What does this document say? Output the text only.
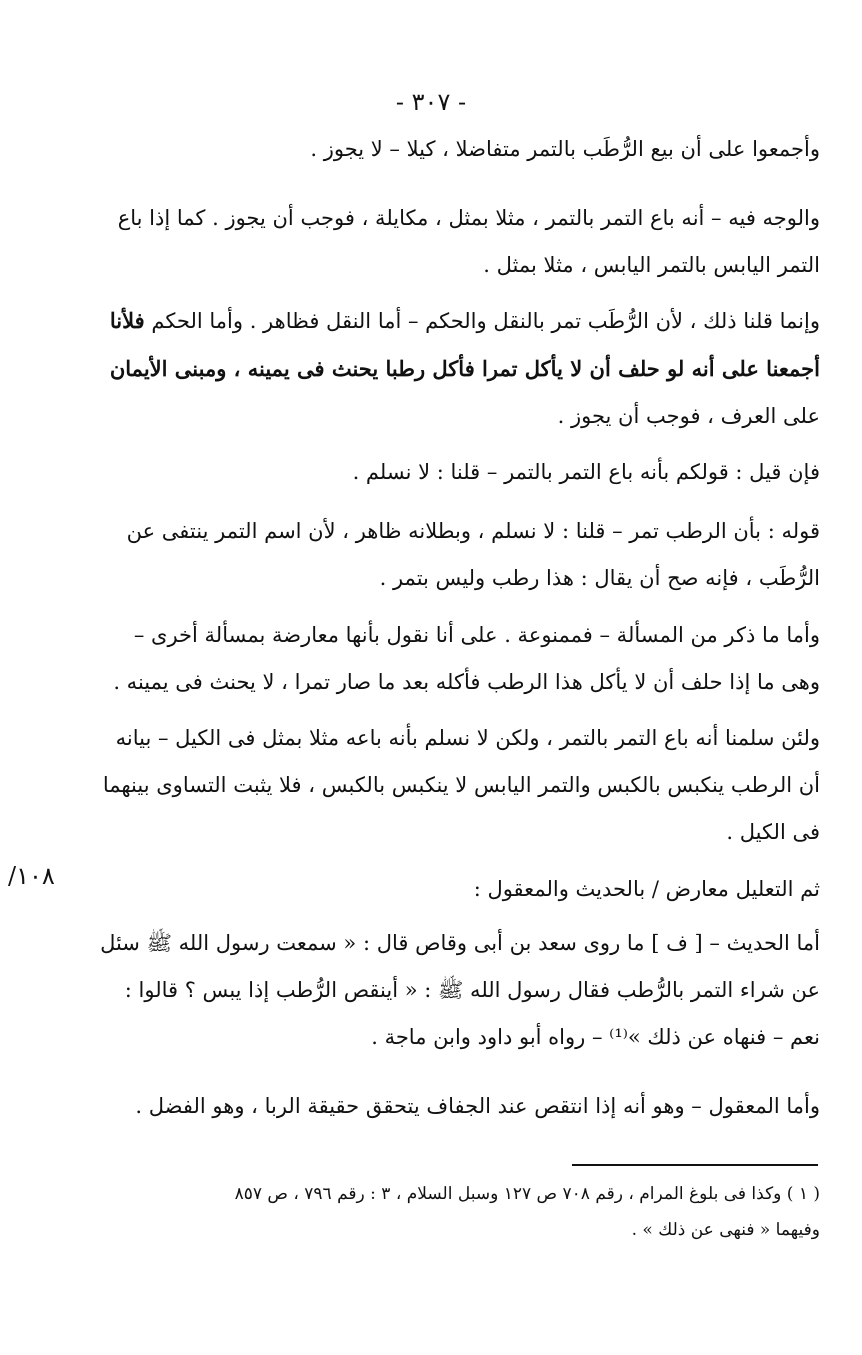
- ٣٠٧ -
١٠٨/
وأجمعوا على أن بيع الرُّطَب بالتمر متفاضلا ، كيلا – لا يجوز .
والوجه فيه – أنه باع التمر بالتمر ، مثلا بمثل ، مكايلة ، فوجب أن يجوز . كما إذا باع التمر اليابس بالتمر اليابس ، مثلا بمثل .
وإنما قلنا ذلك ، لأن الرُّطَب تمر بالنقل والحكم – أما النقل فظاهر . وأما الحكم فلأنا أجمعنا على أنه لو حلف أن لا يأكل تمرا فأكل رطبا يحنث فى يمينه ، ومبنى الأيمان على العرف ، فوجب أن يجوز .
فإن قيل : قولكم بأنه باع التمر بالتمر – قلنا : لا نسلم .
قوله : بأن الرطب تمر – قلنا : لا نسلم ، وبطلانه ظاهر ، لأن اسم التمر ينتفى عن الرُّطَب ، فإنه صح أن يقال : هذا رطب وليس بتمر .
وأما ما ذكر من المسألة – فممنوعة . على أنا نقول بأنها معارضة بمسألة أخرى – وهى ما إذا حلف أن لا يأكل هذا الرطب فأكله بعد ما صار تمرا ، لا يحنث فى يمينه .
ولئن سلمنا أنه باع التمر بالتمر ، ولكن لا نسلم بأنه باعه مثلا بمثل فى الكيل – بيانه أن الرطب ينكبس بالكبس والتمر اليابس لا ينكبس بالكبس ، فلا يثبت التساوى بينهما فى الكيل .
ثم التعليل معارض / بالحديث والمعقول :
أما الحديث – [ ف ] ما روى سعد بن أبى وقاص قال : « سمعت رسول الله ﷺ سئل عن شراء التمر بالرُّطب فقال رسول الله ﷺ : « أينقص الرُّطب إذا يبس ؟ قالوا : نعم – فنهاه عن ذلك »⁽¹⁾ – رواه أبو داود وابن ماجة .
وأما المعقول – وهو أنه إذا انتقص عند الجفاف يتحقق حقيقة الربا ، وهو الفضل .
( ١ ) وكذا فى بلوغ المرام ، رقم ٧٠٨ ص ١٢٧ وسبل السلام ، ٣ : رقم ٧٩٦ ، ص ٨٥٧
وفيهما « فنهى عن ذلك » .
